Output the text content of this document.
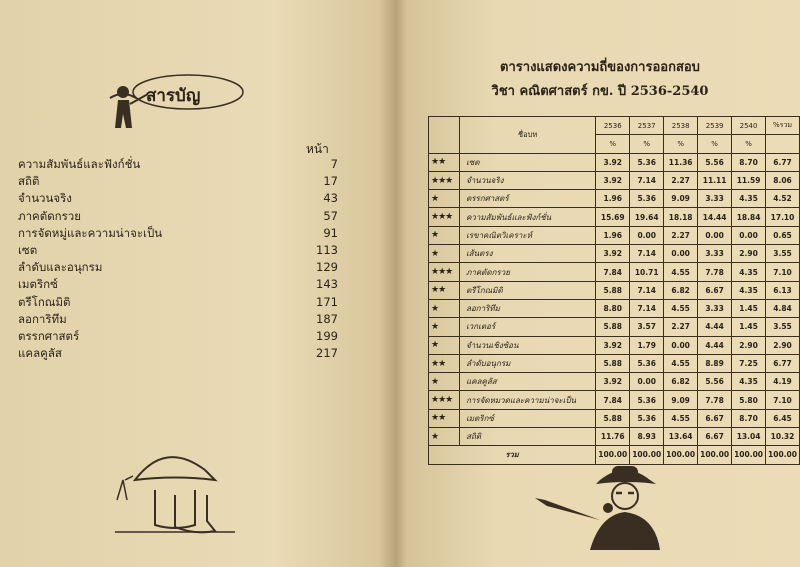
สารบัญ
หน้า
ความสัมพันธ์และฟังก์ชั่น	7
สถิติ	17
จำนวนจริง	43
ภาคตัดกรวย	57
การจัดหมู่และความน่าจะเป็น	91
เซต	113
ลำดับและอนุกรม	129
เมตริกซ์	143
ตรีโกณมิติ	171
ลอการิทึม	187
ตรรกศาสตร์	199
แคลคูลัส	217
ตารางแสดงความถี่ของการออกสอบ
วิชา คณิตศาสตร์ กข. ปี 2536-2540
	ชื่อบท	2536	2537	2538	2539	2540	%รวม
		%	%	%	%	%	
★★	เซต	3.92	5.36	11.36	5.56	8.70	6.77
★★★	จำนวนจริง	3.92	7.14	2.27	11.11	11.59	8.06
★	ตรรกศาสตร์	1.96	5.36	9.09	3.33	4.35	4.52
★★★	ความสัมพันธ์และฟังก์ชั่น	15.69	19.64	18.18	14.44	18.84	17.10
★	เรขาคณิตวิเคราะห์	1.96	0.00	2.27	0.00	0.00	0.65
★	เส้นตรง	3.92	7.14	0.00	3.33	2.90	3.55
★★★	ภาคตัดกรวย	7.84	10.71	4.55	7.78	4.35	7.10
★★	ตรีโกณมิติ	5.88	7.14	6.82	6.67	4.35	6.13
★	ลอการิทึม	8.80	7.14	4.55	3.33	1.45	4.84
★	เวกเตอร์	5.88	3.57	2.27	4.44	1.45	3.55
★	จำนวนเชิงซ้อน	3.92	1.79	0.00	4.44	2.90	2.90
★★	ลำดับอนุกรม	5.88	5.36	4.55	8.89	7.25	6.77
★	แคลคูลัส	3.92	0.00	6.82	5.56	4.35	4.19
★★★	การจัดหมวดและความน่าจะเป็น	7.84	5.36	9.09	7.78	5.80	7.10
★★	เมตริกซ์	5.88	5.36	4.55	6.67	8.70	6.45
★	สถิติ	11.76	8.93	13.64	6.67	13.04	10.32
รวม		100.00	100.00	100.00	100.00	100.00	100.00
